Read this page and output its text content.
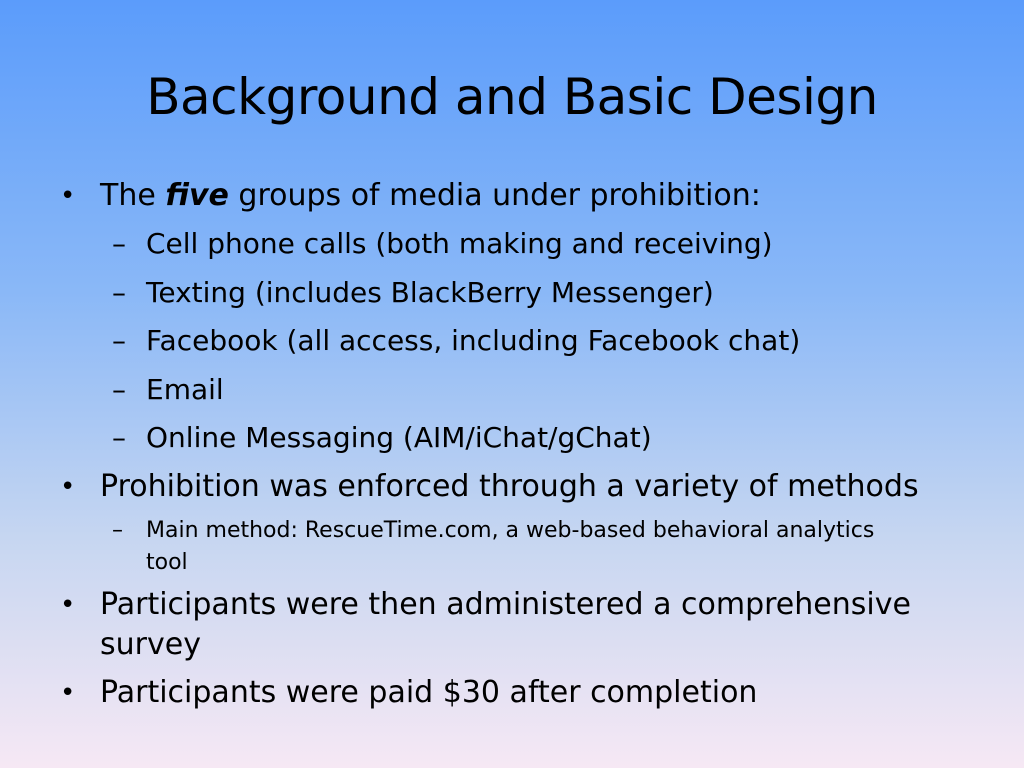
Background and Basic Design
• The five groups of media under prohibition:
– Cell phone calls (both making and receiving)
– Texting (includes BlackBerry Messenger)
– Facebook (all access, including Facebook chat)
– Email
– Online Messaging (AIM/iChat/gChat)
• Prohibition was enforced through a variety of methods
– Main method: RescueTime.com, a web-based behavioral analytics tool
• Participants were then administered a comprehensive survey
• Participants were paid $30 after completion
